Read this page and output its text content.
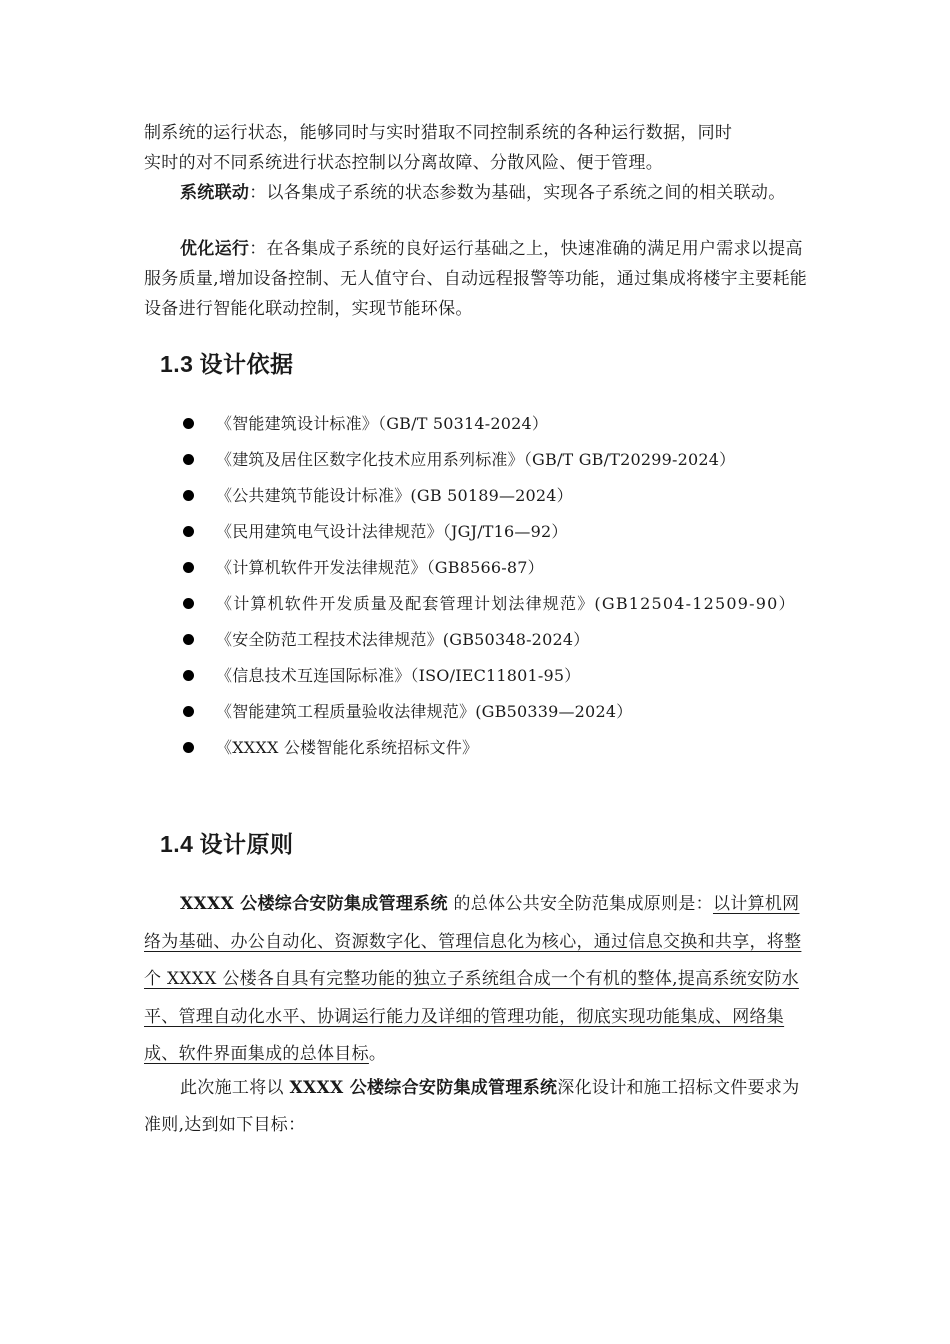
制系统的运行状态，能够同时与实时猎取不同控制系统的各种运行数据，同时
实时的对不同系统进行状态控制以分离故障、分散风险、便于管理。

系统联动：以各集成子系统的状态参数为基础，实现各子系统之间的相关联动。

优化运行：在各集成子系统的良好运行基础之上，快速准确的满足用户需求以提高服务质量,增加设备控制、无人值守台、自动远程报警等功能，通过集成将楼宇主要耗能设备进行智能化联动控制，实现节能环保。

1.3 设计依据
《智能建筑设计标准》（GB/T 50314-2024）
《建筑及居住区数字化技术应用系列标准》（GB/T GB/T20299-2024）
《公共建筑节能设计标准》(GB 50189—2024）
《民用建筑电气设计法律规范》（JGJ/T16—92）
《计算机软件开发法律规范》（GB8566-87）
《计算机软件开发质量及配套管理计划法律规范》(GB12504-12509-90）
《安全防范工程技术法律规范》(GB50348-2024）
《信息技术互连国际标准》（ISO/IEC11801-95）
《智能建筑工程质量验收法律规范》(GB50339—2024）
《XXXX 公楼智能化系统招标文件》
1.4 设计原则

XXXX 公楼综合安防集成管理系统 的总体公共安全防范集成原则是：以计算机网络为基础、办公自动化、资源数字化、管理信息化为核心，通过信息交换和共享，将整个 XXXX 公楼各自具有完整功能的独立子系统组合成一个有机的整体,提高系统安防水平、管理自动化水平、协调运行能力及详细的管理功能，彻底实现功能集成、网络集成、软件界面集成的总体目标。

此次施工将以 XXXX 公楼综合安防集成管理系统深化设计和施工招标文件要求为准则,达到如下目标：
